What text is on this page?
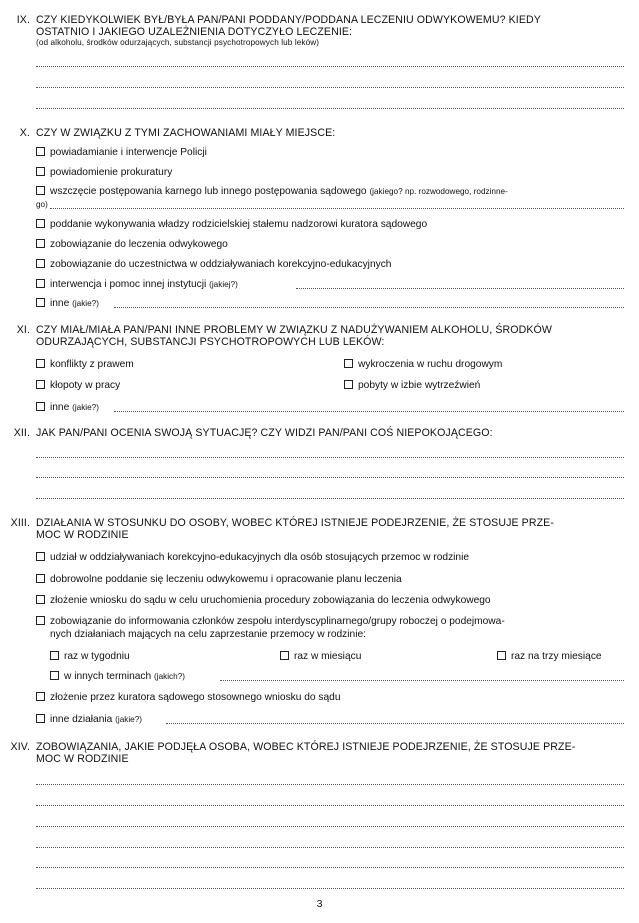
IX. CZY KIEDYKOLWIEK BYŁ/BYŁA PAN/PANI PODDANY/PODDANA LECZENIU ODWYKOWEMU? KIEDY
OSTATNIO I JAKIEGO UZALEŻNIENIA DOTYCZYŁO LECZENIE:
(od alkoholu, środków odurzających, substancji psychotropowych lub leków)
X. CZY W ZWIĄZKU Z TYMI ZACHOWANIAMI MIAŁY MIEJSCE:
powiadamianie i interwencje Policji
powiadomienie prokuratury
wszczęcie postępowania karnego lub innego postępowania sądowego (jakiego? np. rozwodowego, rodzinne-
go)
poddanie wykonywania władzy rodzicielskiej stałemu nadzorowi kuratora sądowego
zobowiązanie do leczenia odwykowego
zobowiązanie do uczestnictwa w oddziaływaniach korekcyjno-edukacyjnych
interwencja i pomoc innej instytucji (jakiej?)
inne (jakie?)
XI. CZY MIAŁ/MIAŁA PAN/PANI INNE PROBLEMY W ZWIĄZKU Z NADUŻYWANIEM ALKOHOLU, ŚRODKÓW
ODURZAJĄCYCH, SUBSTANCJI PSYCHOTROPOWYCH LUB LEKÓW:
konflikty z prawem	wykroczenia w ruchu drogowym
kłopoty w pracy	pobyty w izbie wytrzeźwień
inne (jakie?)
XII. JAK PAN/PANI OCENIA SWOJĄ SYTUACJĘ? CZY WIDZI PAN/PANI COŚ NIEPOKOJĄCEGO:
XIII. DZIAŁANIA W STOSUNKU DO OSOBY, WOBEC KTÓREJ ISTNIEJE PODEJRZENIE, ŻE STOSUJE PRZE-
MOC W RODZINIE
udział w oddziaływaniach korekcyjno-edukacyjnych dla osób stosujących przemoc w rodzinie
dobrowolne poddanie się leczeniu odwykowemu i opracowanie planu leczenia
złożenie wniosku do sądu w celu uruchomienia procedury zobowiązania do leczenia odwykowego
zobowiązanie do informowania członków zespołu interdyscyplinarnego/grupy roboczej o podejmowa-
nych działaniach mających na celu zaprzestanie przemocy w rodzinie:
raz w tygodniu	raz w miesiącu	raz na trzy miesiące
w innych terminach (jakich?)
złożenie przez kuratora sądowego stosownego wniosku do sądu
inne działania (jakie?)
XIV. ZOBOWIĄZANIA, JAKIE PODJĘŁA OSOBA, WOBEC KTÓREJ ISTNIEJE PODEJRZENIE, ŻE STOSUJE PRZE-
MOC W RODZINIE
3
